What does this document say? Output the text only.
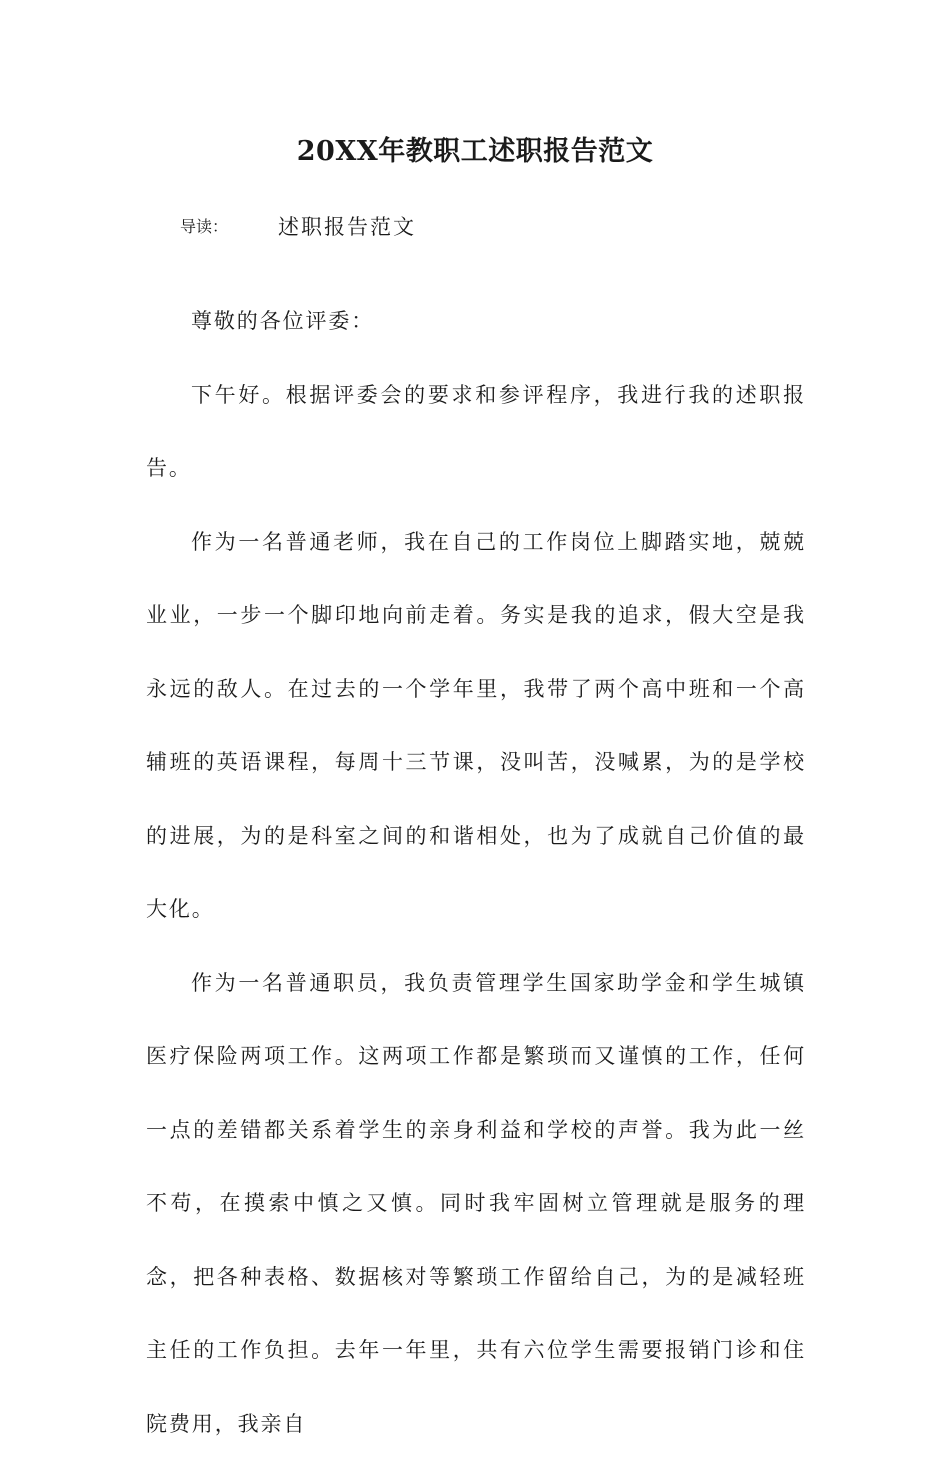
20XX年教职工述职报告范文
导读：	述职报告范文

尊敬的各位评委：

下午好。根据评委会的要求和参评程序，我进行我的述职报告。

作为一名普通老师，我在自己的工作岗位上脚踏实地，兢兢业业，一步一个脚印地向前走着。务实是我的追求，假大空是我永远的敌人。在过去的一个学年里，我带了两个高中班和一个高辅班的英语课程，每周十三节课，没叫苦，没喊累，为的是学校的进展，为的是科室之间的和谐相处，也为了成就自己价值的最大化。

作为一名普通职员，我负责管理学生国家助学金和学生城镇医疗保险两项工作。这两项工作都是繁琐而又谨慎的工作，任何一点的差错都关系着学生的亲身利益和学校的声誉。我为此一丝不苟，在摸索中慎之又慎。同时我牢固树立管理就是服务的理念，把各种表格、数据核对等繁琐工作留给自己，为的是减轻班主任的工作负担。去年一年里，共有六位学生需要报销门诊和住院费用，我亲自
